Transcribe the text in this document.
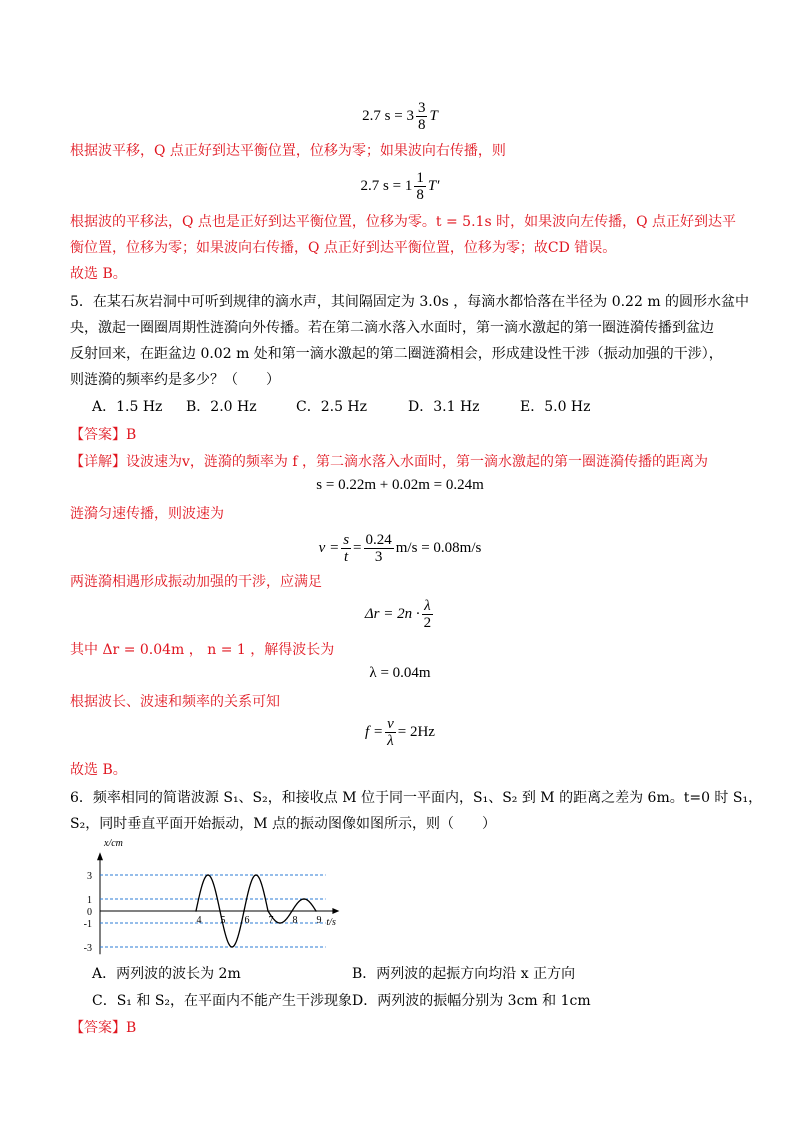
2.7 $s = 3 \frac{3}{8}$ T
根据波平移，Q 点正好到达平衡位置，位移为零；如果波向右传播，则
2.7 $s = 1 \frac{1}{8} T'$
根据波的平移法，Q 点也是正好到达平衡位置，位移为零。t = 5.1s 时，如果波向左传播，Q 点正好到达平
衡位置，位移为零；如果波向右传播，Q 点正好到达平衡位置，位移为零；故CD 错误。
故选 B。
5．在某石灰岩洞中可听到规律的滴水声，其间隔固定为 3.0s ，每滴水都恰落在半径为 0.22 m 的圆形水盆中
央，激起一圈圈周期性涟漪向外传播。若在第二滴水落入水面时，第一滴水激起的第一圈涟漪传播到盆边
反射回来，在距盆边 0.02 m 处和第一滴水激起的第二圈涟漪相会，形成建设性干涉（振动加强的干涉），
则涟漪的频率约是多少？（　　）
A．1.5 Hz B．2.0 Hz	C．2.5 Hz	D．3.1 Hz	E．5.0 Hz
【答案】B
【详解】设波速为v，涟漪的频率为 f ，第二滴水落入水面时，第一滴水激起的第一圈涟漪传播的距离为
s = 0.22m + 0.02m = 0.24m
涟漪匀速传播，则波速为
$v = \frac{s}{t} = \frac{0.24}{3} m/s = 0.08m/s$
两涟漪相遇形成振动加强的干涉，应满足
$\Delta r = 2n \cdot \frac{\lambda}{2}$
其中 Δr = 0.04m ， n = 1 ，解得波长为
λ = 0.04m
根据波长、波速和频率的关系可知
$f = \frac{v}{\lambda} = 2Hz$
故选 B。
6．频率相同的简谐波源 S₁、S₂，和接收点 M 位于同一平面内，S₁、S₂ 到 M 的距离之差为 6m。t=0 时 S₁，
S₂，同时垂直平面开始振动，M 点的振动图像如图所示，则（　　）
3
1
0
-1
-3
4 5 6 7 8 9
x/cm
t/s
A．两列波的波长为 2m	B．两列波的起振方向均沿 x 正方向
C．S₁ 和 S₂，在平面内不能产生干涉现象 D．两列波的振幅分别为 3cm 和 1cm
【答案】B
